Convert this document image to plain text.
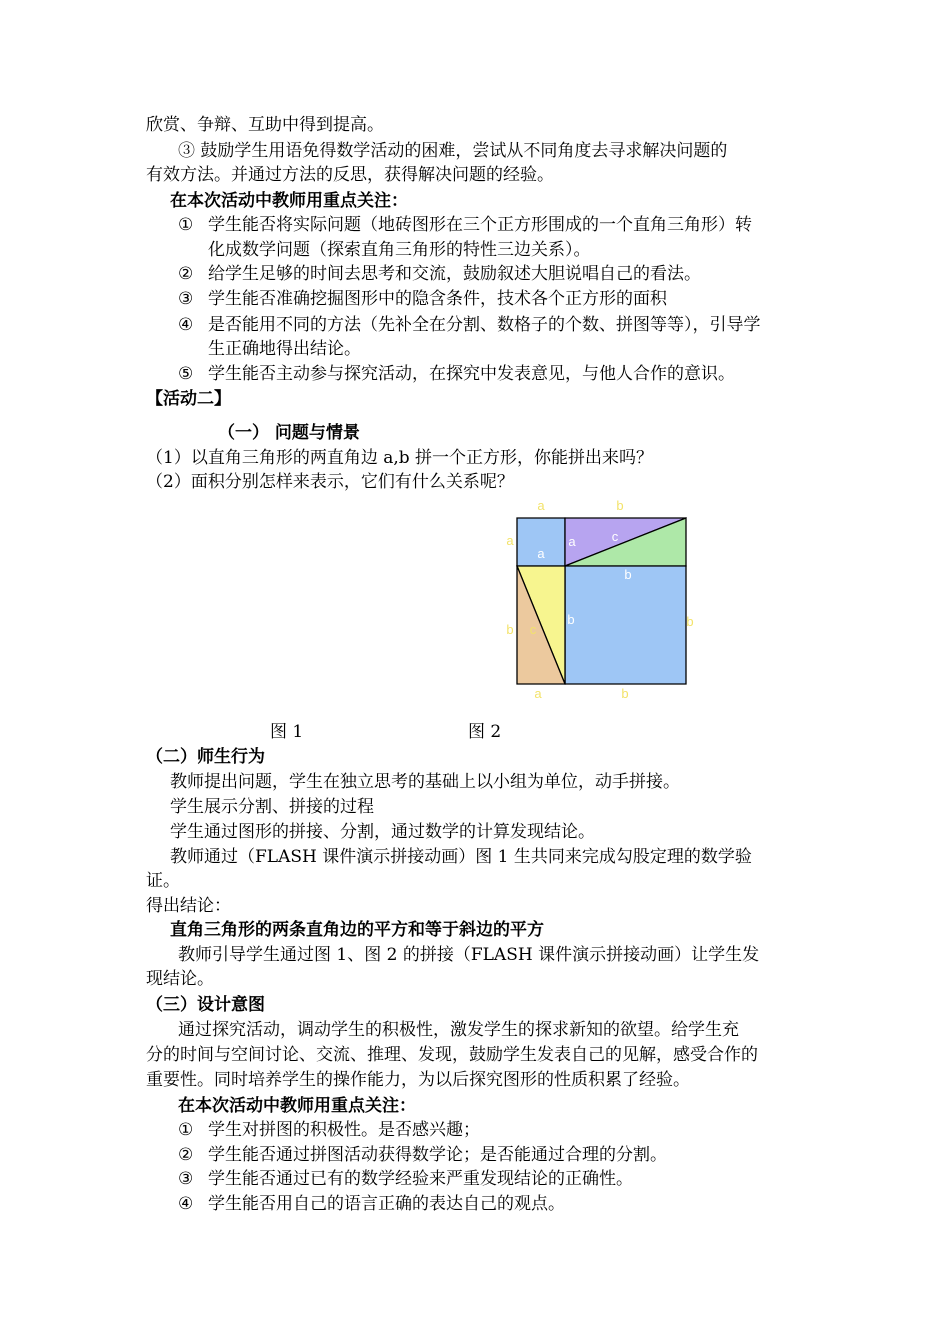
欣赏、争辩、互助中得到提高。
③ 鼓励学生用语免得数学活动的困难，尝试从不同角度去寻求解决问题的
有效方法。并通过方法的反思，获得解决问题的经验。
在本次活动中教师用重点关注：
① 学生能否将实际问题（地砖图形在三个正方形围成的一个直角三角形）转
化成数学问题（探索直角三角形的特性三边关系）。
② 给学生足够的时间去思考和交流，鼓励叙述大胆说唱自己的看法。
③ 学生能否准确挖掘图形中的隐含条件，技术各个正方形的面积
④ 是否能用不同的方法（先补全在分割、数格子的个数、拼图等等），引导学
生正确地得出结论。
⑤ 学生能否主动参与探究活动，在探究中发表意见，与他人合作的意识。
【活动二】
（一） 问题与情景
（1）以直角三角形的两直角边 a,b 拼一个正方形，你能拼出来吗？
（2）面积分别怎样来表示，它们有什么关系呢？
a	b
a
a
a	c
b
b c
b	b
a	b
图 1	图 2
（二）师生行为
教师提出问题，学生在独立思考的基础上以小组为单位，动手拼接。
学生展示分割、拼接的过程
学生通过图形的拼接、分割，通过数学的计算发现结论。
教师通过（FLASH 课件演示拼接动画）图 1 生共同来完成勾股定理的数学验
证。
得出结论：
直角三角形的两条直角边的平方和等于斜边的平方
教师引导学生通过图 1、图 2 的拼接（FLASH 课件演示拼接动画）让学生发
现结论。
（三）设计意图
通过探究活动，调动学生的积极性，激发学生的探求新知的欲望。给学生充
分的时间与空间讨论、交流、推理、发现，鼓励学生发表自己的见解，感受合作的
重要性。同时培养学生的操作能力，为以后探究图形的性质积累了经验。
在本次活动中教师用重点关注：
① 学生对拼图的积极性。是否感兴趣；
② 学生能否通过拼图活动获得数学论；是否能通过合理的分割。
③ 学生能否通过已有的数学经验来严重发现结论的正确性。
④ 学生能否用自己的语言正确的表达自己的观点。
